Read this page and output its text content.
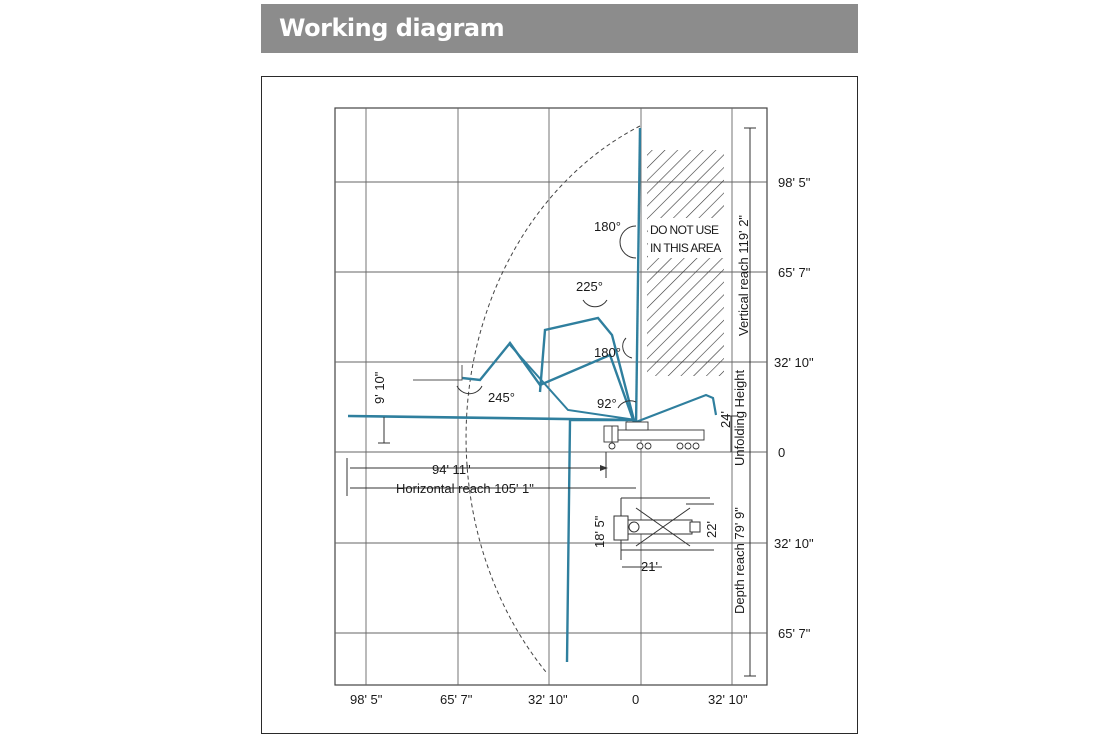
Working diagram
DO NOT USE
IN THIS AREA
180°
225°
180°
245°	92°
Vertical reach 119' 2"
Depth reach 79' 9"
Unfolding Height
24'
9' 10"
94' 11"
Horizontal reach 105' 1"
18' 5"	22'
21'
98' 5"
65' 7"
32' 10"
0
32' 10"
65' 7"
98' 5"	65' 7"	32' 10"	0	32' 10"
